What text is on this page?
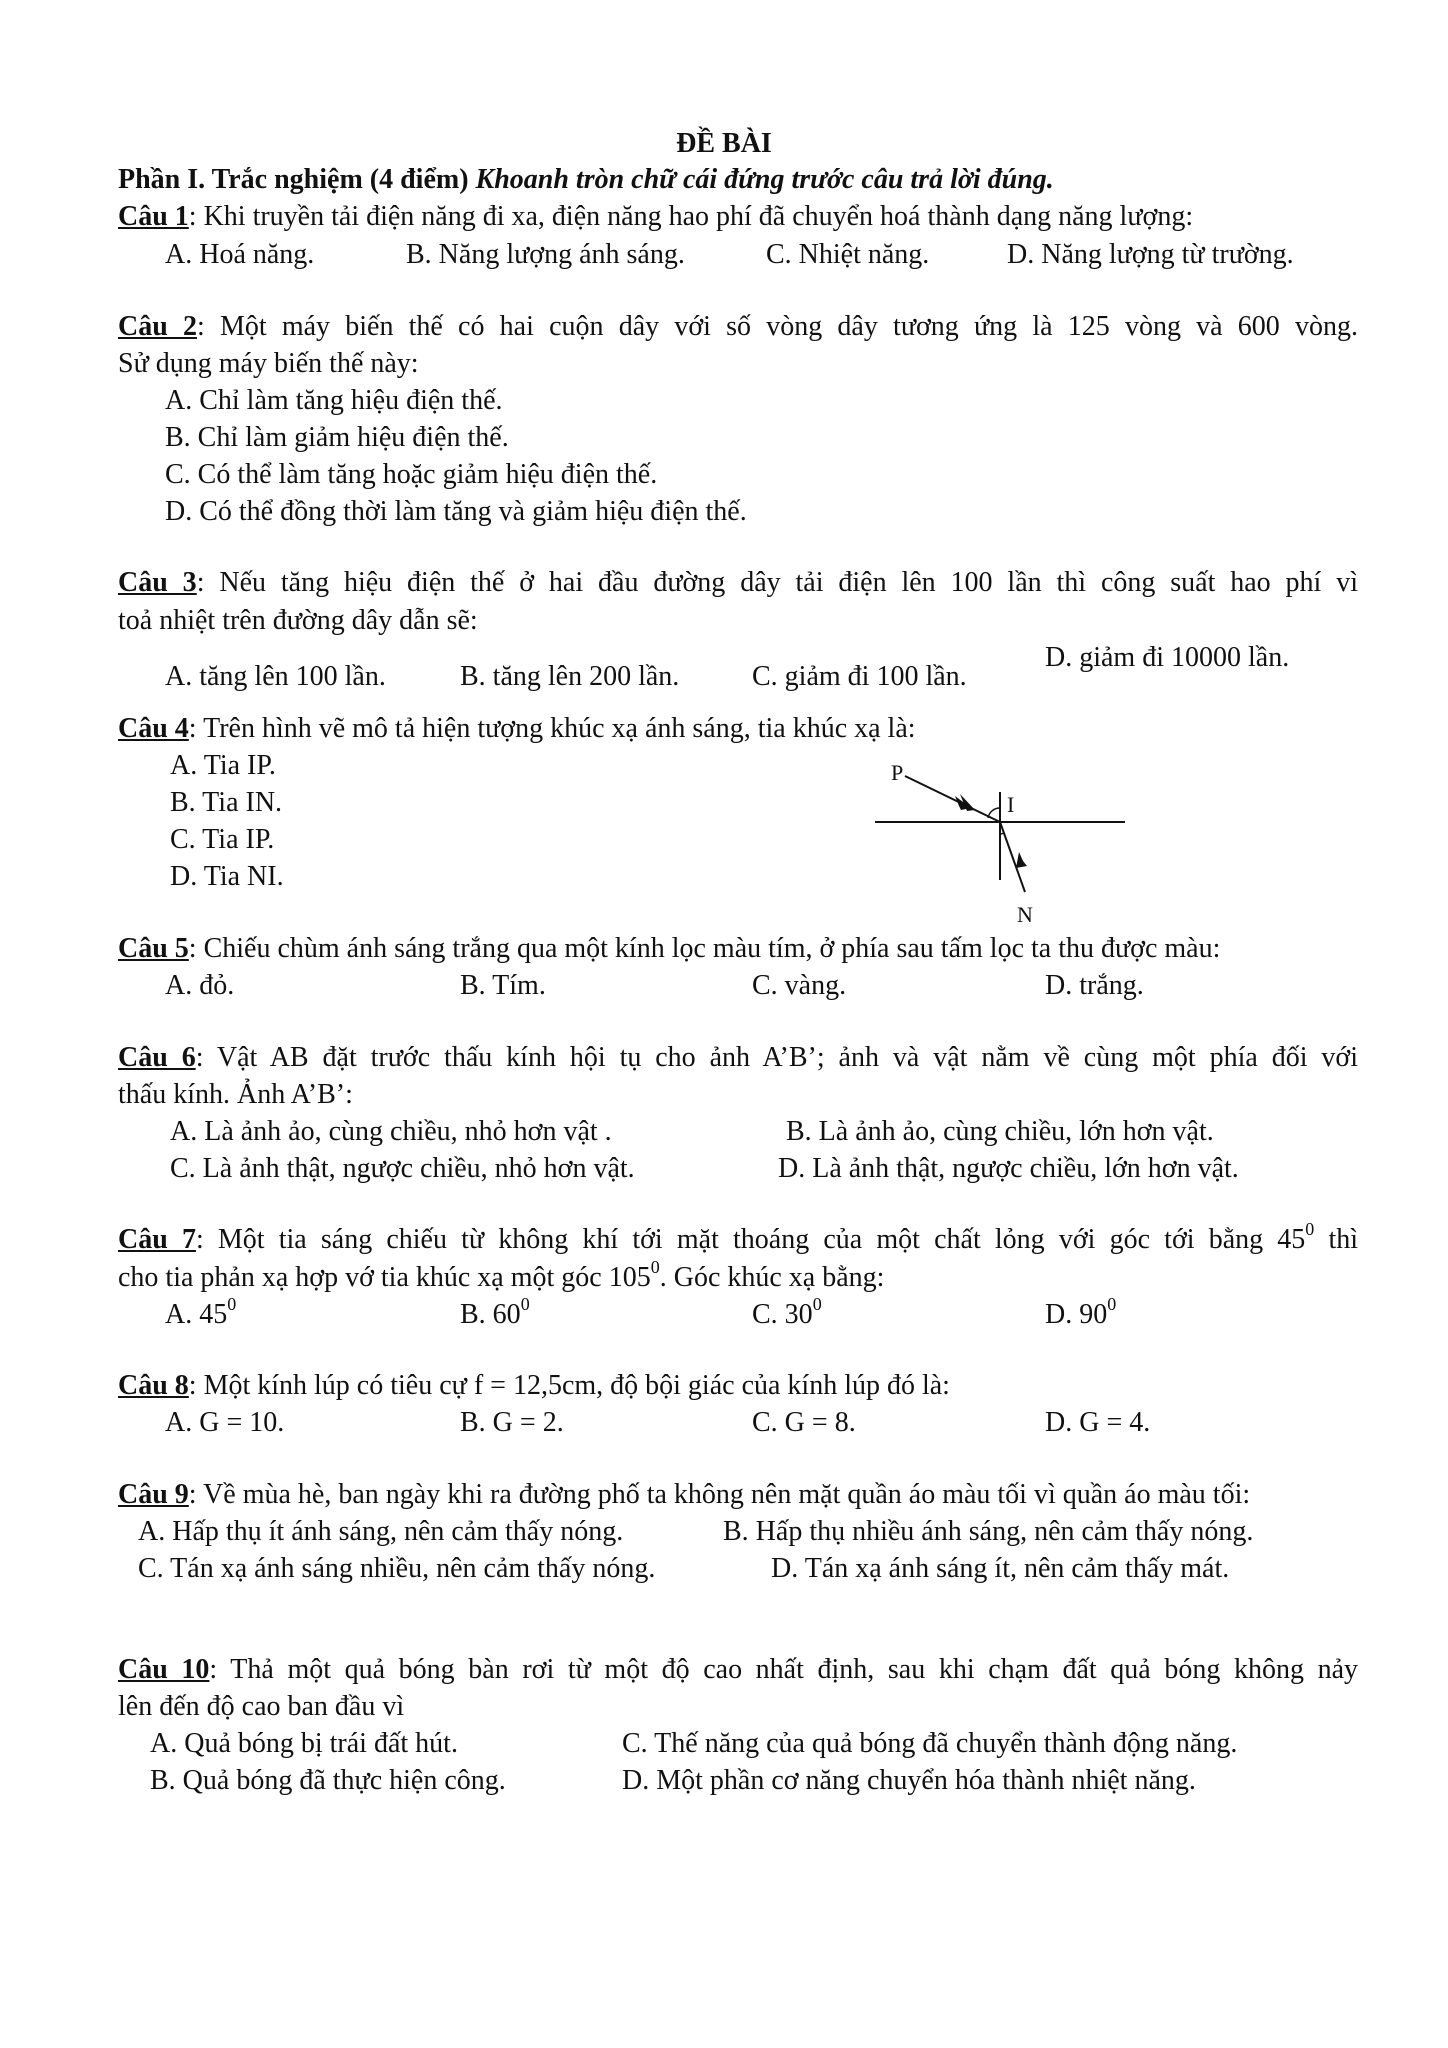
ĐỀ BÀI
Phần I. Trắc nghiệm (4 điểm) Khoanh tròn chữ cái đứng trước câu trả lời đúng.
Câu 1: Khi truyền tải điện năng đi xa, điện năng hao phí đã chuyển hoá thành dạng năng lượng:
A. Hoá năng.	B. Năng lượng ánh sáng.	C. Nhiệt năng.	D. Năng lượng từ trường.
Câu 2: Một máy biến thế có hai cuộn dây với số vòng dây tương ứng là 125 vòng và 600 vòng.
Sử dụng máy biến thế này:
A. Chỉ làm tăng hiệu điện thế.
B. Chỉ làm giảm hiệu điện thế.
C. Có thể làm tăng hoặc giảm hiệu điện thế.
D. Có thể đồng thời làm tăng và giảm hiệu điện thế.
Câu 3: Nếu tăng hiệu điện thế ở hai đầu đường dây tải điện lên 100 lần thì công suất hao phí vì
toả nhiệt trên đường dây dẫn sẽ:
A. tăng lên 100 lần.	B. tăng lên 200 lần.	C. giảm đi 100 lần.
D. giảm đi 10000 lần.
Câu 4: Trên hình vẽ mô tả hiện tượng khúc xạ ánh sáng, tia khúc xạ là:
A. Tia IP.
B. Tia IN.
C. Tia IP.
D. Tia NI.
P
I
N
Câu 5: Chiếu chùm ánh sáng trắng qua một kính lọc màu tím, ở phía sau tấm lọc ta thu được màu:
A. đỏ.	B. Tím.	C. vàng.	D. trắng.
Câu 6: Vật AB đặt trước thấu kính hội tụ cho ảnh A’B’; ảnh và vật nằm về cùng một phía đối với
thấu kính. Ảnh A’B’:
A. Là ảnh ảo, cùng chiều, nhỏ hơn vật .	B. Là ảnh ảo, cùng chiều, lớn hơn vật.
C. Là ảnh thật, ngược chiều, nhỏ hơn vật.	D. Là ảnh thật, ngược chiều, lớn hơn vật.
Câu 7: Một tia sáng chiếu từ không khí tới mặt thoáng của một chất lỏng với góc tới bằng $45^0$ thì
cho tia phản xạ hợp vớ tia khúc xạ một góc $105^0$. Góc khúc xạ bằng:
A. $45^0$	B. $60^0$	C. $30^0$	D. $90^0$
Câu 8: Một kính lúp có tiêu cự f = 12,5cm, độ bội giác của kính lúp đó là:
A. G = 10.	B. G = 2.	C. G = 8.	D. G = 4.
Câu 9: Về mùa hè, ban ngày khi ra đường phố ta không nên mặt quần áo màu tối vì quần áo màu tối:
A. Hấp thụ ít ánh sáng, nên cảm thấy nóng.	B. Hấp thụ nhiều ánh sáng, nên cảm thấy nóng.
C. Tán xạ ánh sáng nhiều, nên cảm thấy nóng.	D. Tán xạ ánh sáng ít, nên cảm thấy mát.
Câu 10: Thả một quả bóng bàn rơi từ một độ cao nhất định, sau khi chạm đất quả bóng không nảy
lên đến độ cao ban đầu vì
A. Quả bóng bị trái đất hút.	C. Thế năng của quả bóng đã chuyển thành động năng.
B. Quả bóng đã thực hiện công.	D. Một phần cơ năng chuyển hóa thành nhiệt năng.
